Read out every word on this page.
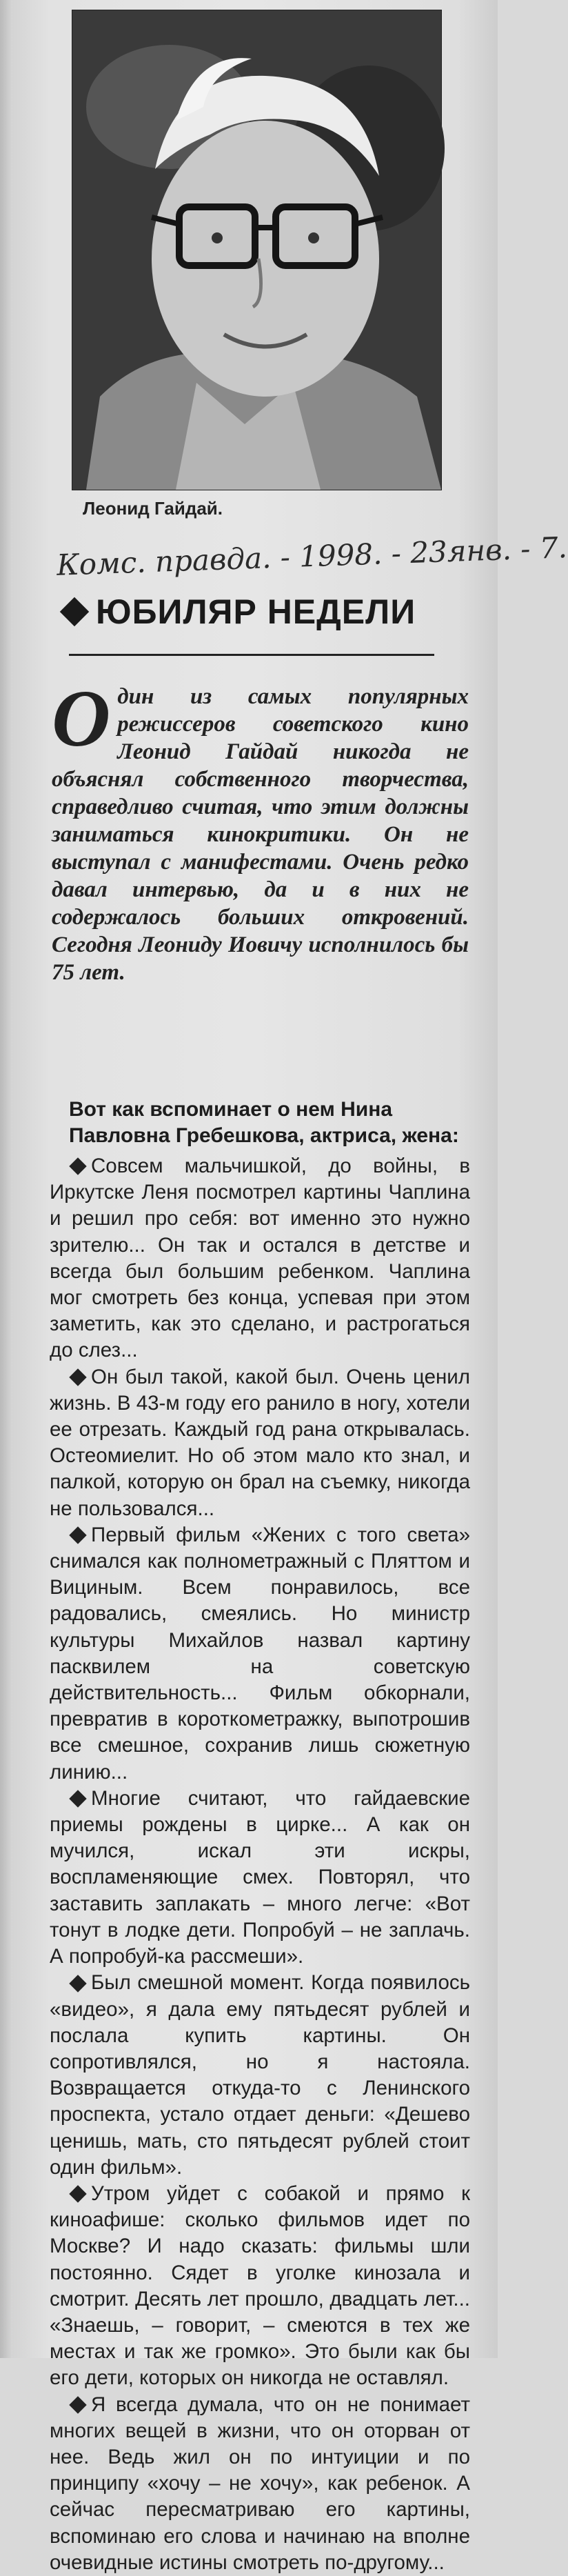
Леонид Гайдай.
Комс. правда. - 1998. - 23янв. - 7.
ЮБИЛЯР НЕДЕЛИ
Один из самых популярных режиссеров советского кино Леонид Гайдай никогда не объяснял собственного творчества, справедливо считая, что этим должны заниматься кинокритики. Он не выступал с манифестами. Очень редко давал интервью, да и в них не содержалось больших откровений. Сегодня Леониду Иовичу исполнилось бы 75 лет.
Вот как вспоминает о нем Нина Павловна Гребешкова, актриса, жена:

Совсем мальчишкой, до войны, в Иркутске Леня посмотрел картины Чаплина и решил про себя: вот именно это нужно зрителю... Он так и остался в детстве и всегда был большим ребенком. Чаплина мог смотреть без конца, успевая при этом заметить, как это сделано, и растрогаться до слез...

Он был такой, какой был. Очень ценил жизнь. В 43-м году его ранило в ногу, хотели ее отрезать. Каждый год рана открывалась. Остеомиелит. Но об этом мало кто знал, и палкой, которую он брал на съемку, никогда не пользовался...

Первый фильм «Жених с того света» снимался как полнометражный с Пляттом и Вициным. Всем понравилось, все радовались, смеялись. Но министр культуры Михайлов назвал картину пасквилем на советскую действительность... Фильм обкорнали, превратив в короткометражку, выпотрошив все смешное, сохранив лишь сюжетную линию...

Многие считают, что гайдаевские приемы рождены в цирке... А как он мучился, искал эти искры, воспламеняющие смех. Повторял, что заставить заплакать – много легче: «Вот тонут в лодке дети. Попробуй – не заплачь. А попробуй-ка рассмеши».

Был смешной момент. Когда появилось «видео», я дала ему пятьдесят рублей и послала купить картины. Он сопротивлялся, но я настояла. Возвращается откуда-то с Ленинского проспекта, устало отдает деньги: «Дешево ценишь, мать, сто пятьдесят рублей стоит один фильм».

Утром уйдет с собакой и прямо к киноафише: сколько фильмов идет по Москве? И надо сказать: фильмы шли постоянно. Сядет в уголке кинозала и смотрит. Десять лет прошло, двадцать лет... «Знаешь, – говорит, – смеются в тех же местах и так же громко». Это были как бы его дети, которых он никогда не оставлял.

Я всегда думала, что он не понимает многих вещей в жизни, что он оторван от нее. Ведь жил он по интуиции и по принципу «хочу – не хочу», как ребенок. А сейчас пересматриваю его картины, вспоминаю его слова и начинаю на вполне очевидные истины смотреть по-другому...
